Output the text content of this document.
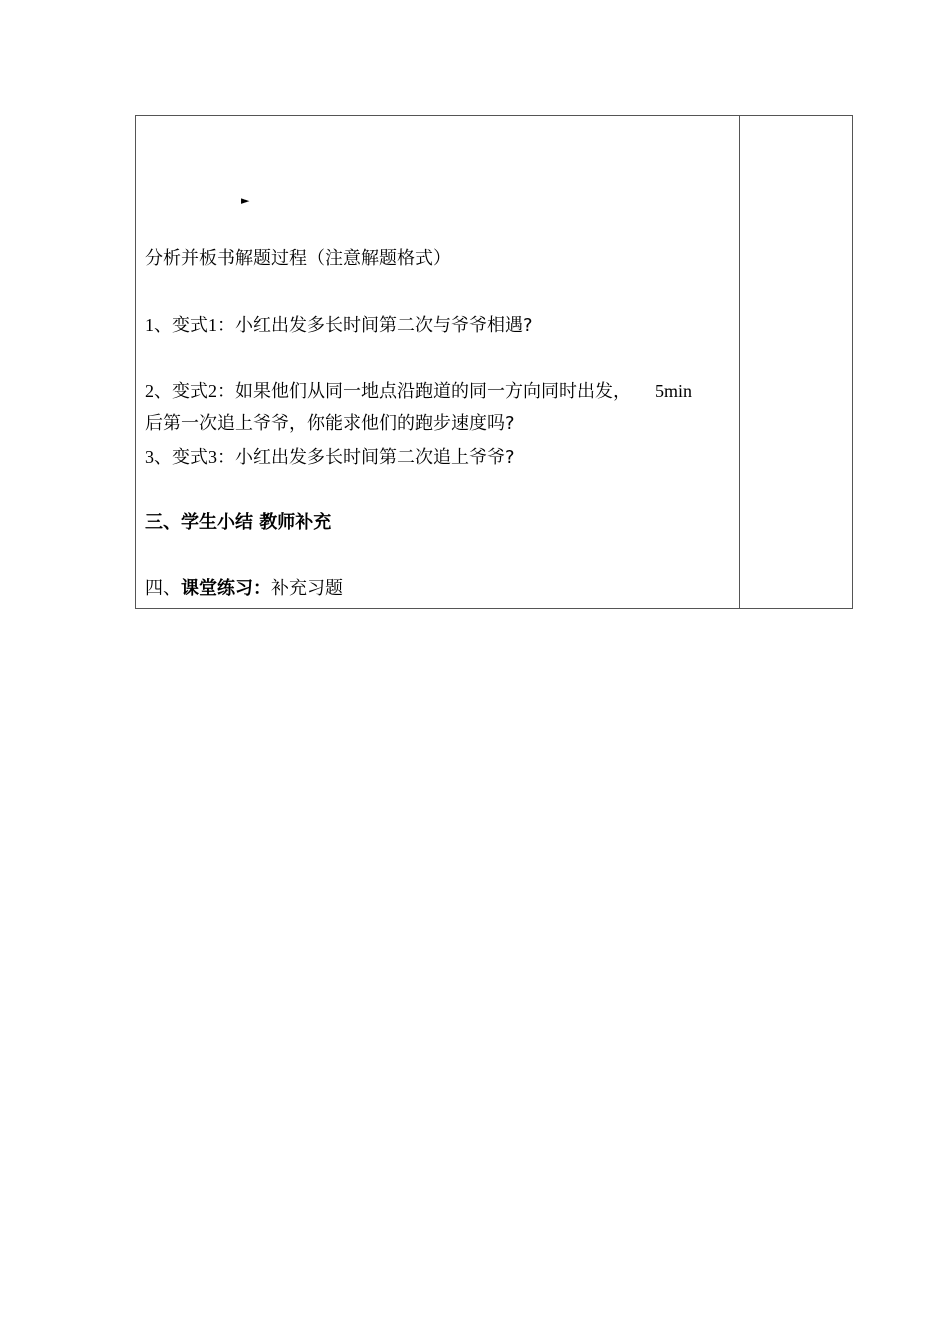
►
分析并板书解题过程（注意解题格式）
1、变式1：小红出发多长时间第二次与爷爷相遇?
2、变式2：如果他们从同一地点沿跑道的同一方向同时出发， 5min
后第一次追上爷爷，你能求他们的跑步速度吗?
3、变式3：小红出发多长时间第二次追上爷爷?
三、学生小结 教师补充
四、课堂练习：补充习题
